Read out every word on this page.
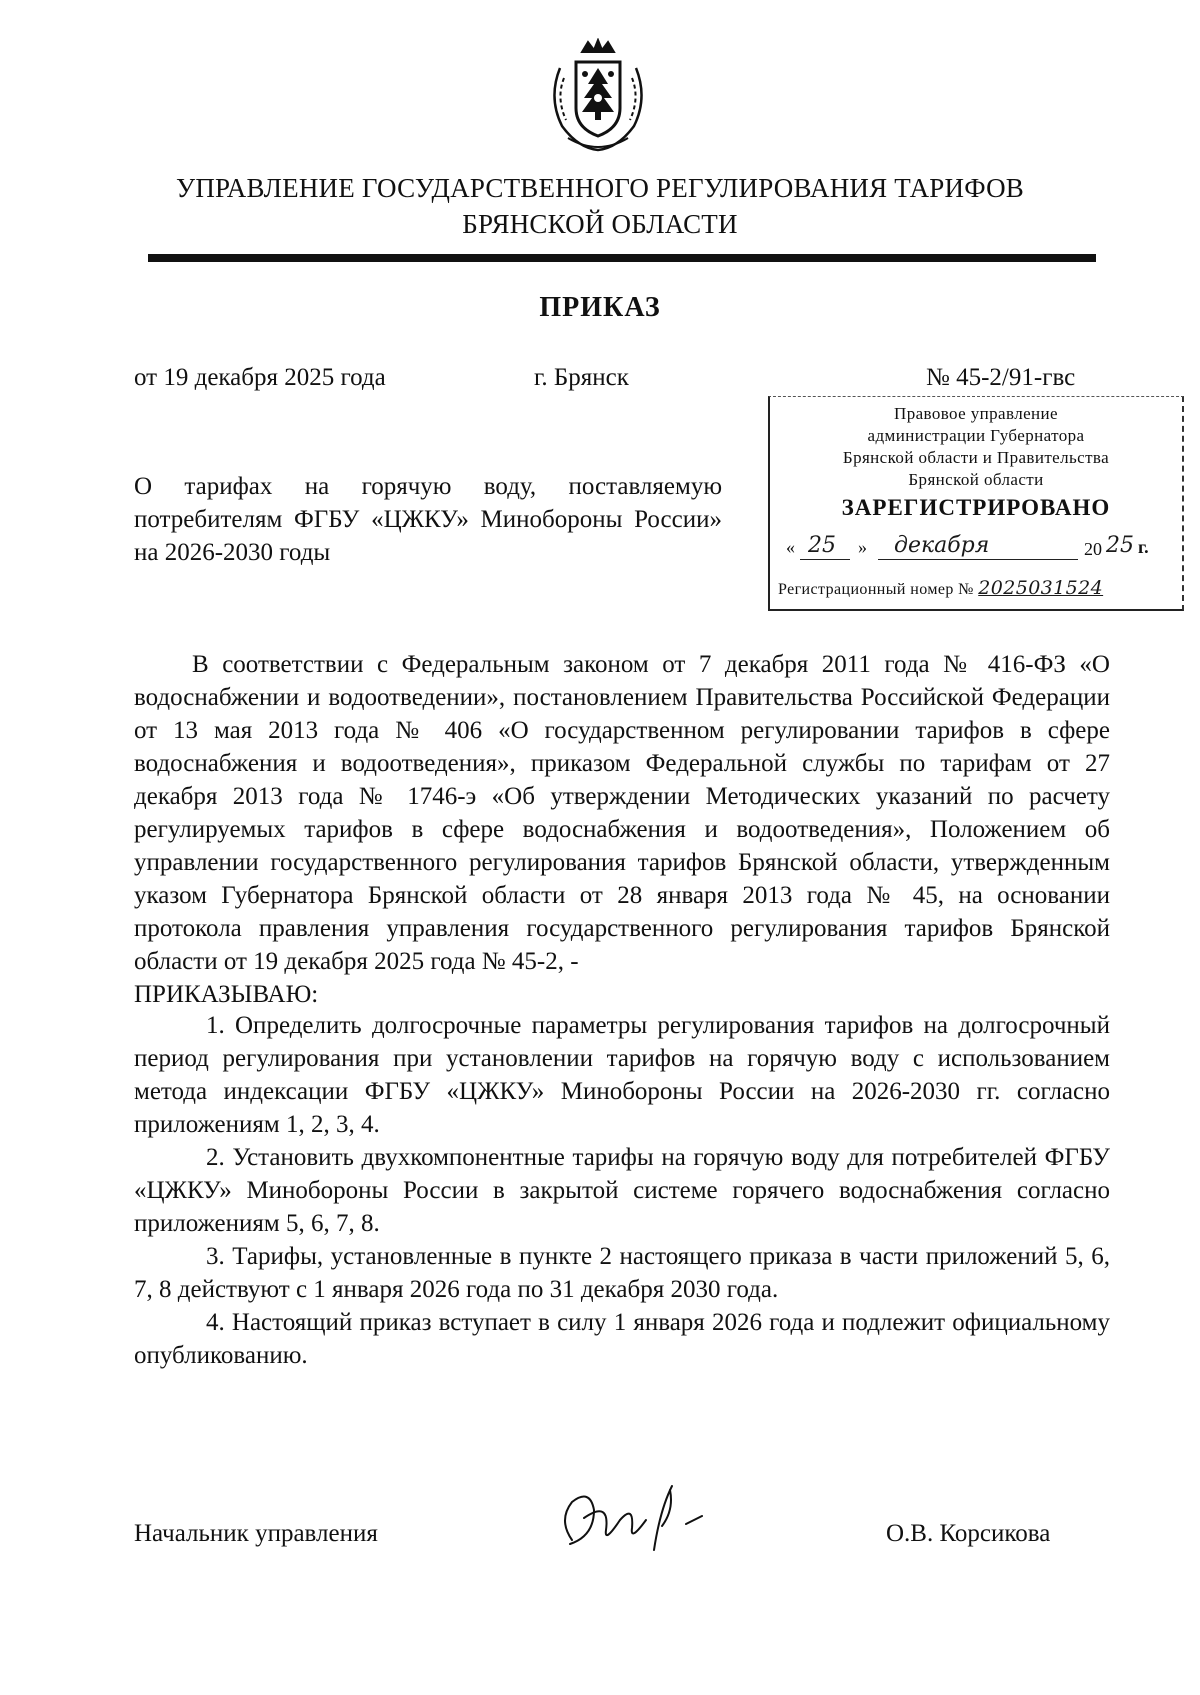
УПРАВЛЕНИЕ ГОСУДАРСТВЕННОГО РЕГУЛИРОВАНИЯ ТАРИФОВ
БРЯНСКОЙ ОБЛАСТИ
ПРИКАЗ
от 19 декабря 2025 года	г. Брянск	№ 45-2/91-гвс
О тарифах на горячую воду, поставляемую потребителям ФГБУ «ЦЖКУ» Минобороны России» на 2026-2030 годы
Правовое управление
администрации Губернатора
Брянской области и Правительства
Брянской области
ЗАРЕГИСТРИРОВАНО
« 25 » декабря	20 25 г.
Регистрационный номер № 2025031524

В соответствии с Федеральным законом от 7 декабря 2011 года № 416-ФЗ «О водоснабжении и водоотведении», постановлением Правительства Российской Федерации от 13 мая 2013 года № 406 «О государственном регулировании тарифов в сфере водоснабжения и водоотведения», приказом Федеральной службы по тарифам от 27 декабря 2013 года № 1746-э «Об утверждении Методических указаний по расчету регулируемых тарифов в сфере водоснабжения и водоотведения», Положением об управлении государственного регулирования тарифов Брянской области, утвержденным указом Губернатора Брянской области от 28 января 2013 года № 45, на основании протокола правления управления государственного регулирования тарифов Брянской области от 19 декабря 2025 года № 45-2, -

ПРИКАЗЫВАЮ:

1. Определить долгосрочные параметры регулирования тарифов на долгосрочный период регулирования при установлении тарифов на горячую воду с использованием метода индексации ФГБУ «ЦЖКУ» Минобороны России на 2026-2030 гг. согласно приложениям 1, 2, 3, 4.

2. Установить двухкомпонентные тарифы на горячую воду для потребителей ФГБУ «ЦЖКУ» Минобороны России в закрытой системе горячего водоснабжения согласно приложениям 5, 6, 7, 8.

3. Тарифы, установленные в пункте 2 настоящего приказа в части приложений 5, 6, 7, 8 действуют с 1 января 2026 года по 31 декабря 2030 года.

4. Настоящий приказ вступает в силу 1 января 2026 года и подлежит официальному опубликованию.

Начальник управления	О.В. Корсикова
